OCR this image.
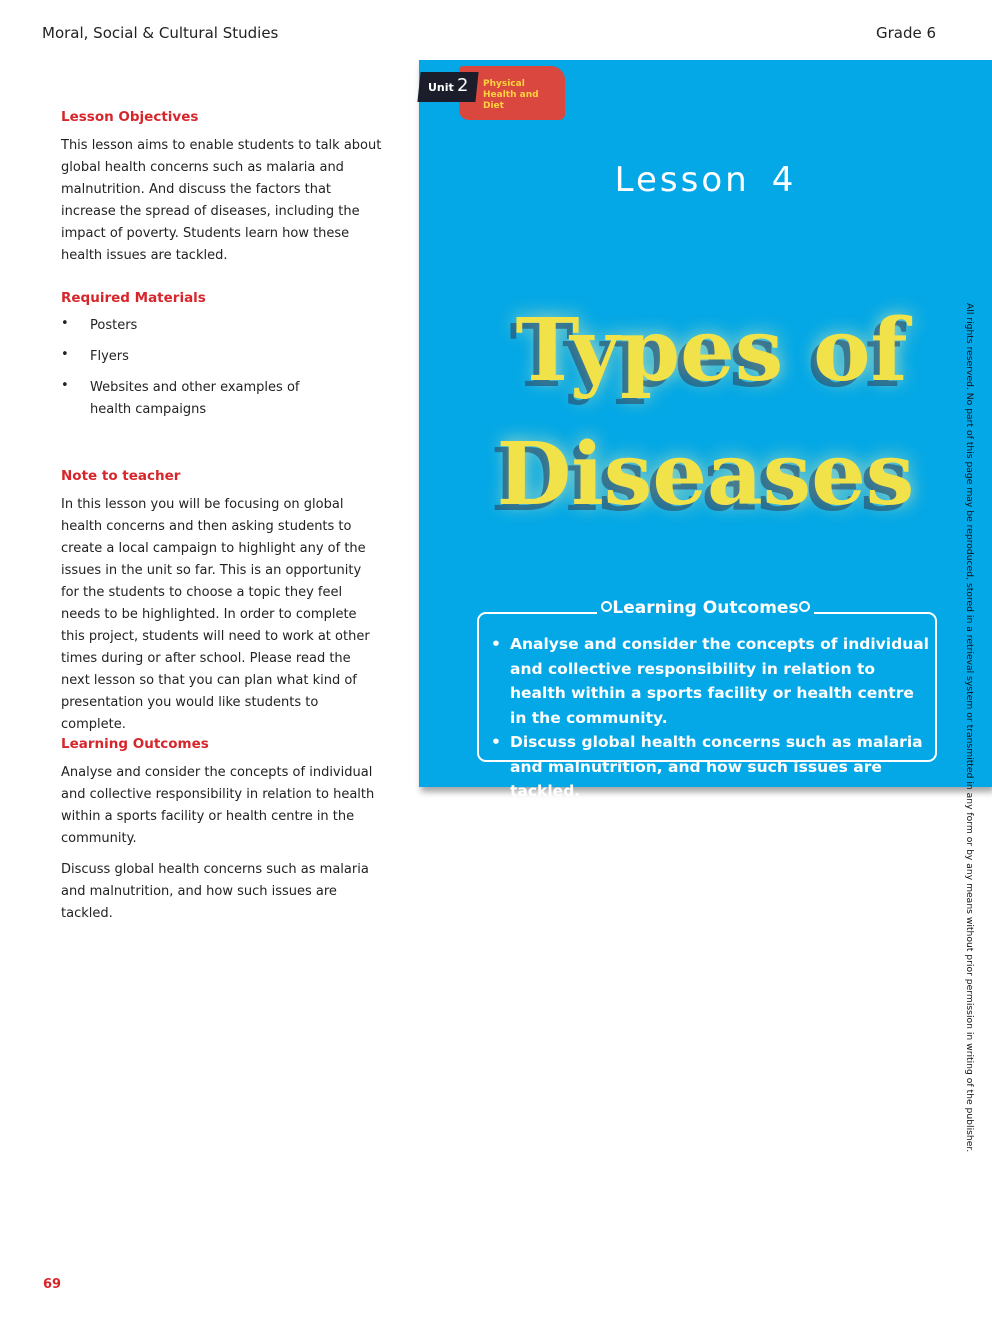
Moral, Social & Cultural Studies	Grade 6
Lesson Objectives

This lesson aims to enable students to talk about global health concerns such as malaria and malnutrition. And discuss the factors that increase the spread of diseases, including the impact of poverty. Students learn how these health issues are tackled.

Required Materials
• Posters
• Flyers
• Websites and other examples of health campaigns
Note to teacher

In this lesson you will be focusing on global health concerns and then asking students to create a local campaign to highlight any of the issues in the unit so far. This is an opportunity for the students to choose a topic they feel needs to be highlighted. In order to complete this project, students will need to work at other times during or after school. Please read the next lesson so that you can plan what kind of presentation you would like students to complete.

Learning Outcomes

Analyse and consider the concepts of individual and collective responsibility in relation to health within a sports facility or health centre in the community.

Discuss global health concerns such as malaria and malnutrition, and how such issues are tackled.

Unit 2 Physical Health and Diet
Lesson 4
Types of
Diseases
Learning Outcomes
• Analyse and consider the concepts of individual and collective responsibility in relation to health within a sports facility or health centre in the community.
• Discuss global health concerns such as malaria and malnutrition, and how such issues are tackled.	All rights reserved. No part of this page may be reproduced, stored in a retrieval system or transmitted in any form or by any means without prior permission in writing of the publisher.
69
